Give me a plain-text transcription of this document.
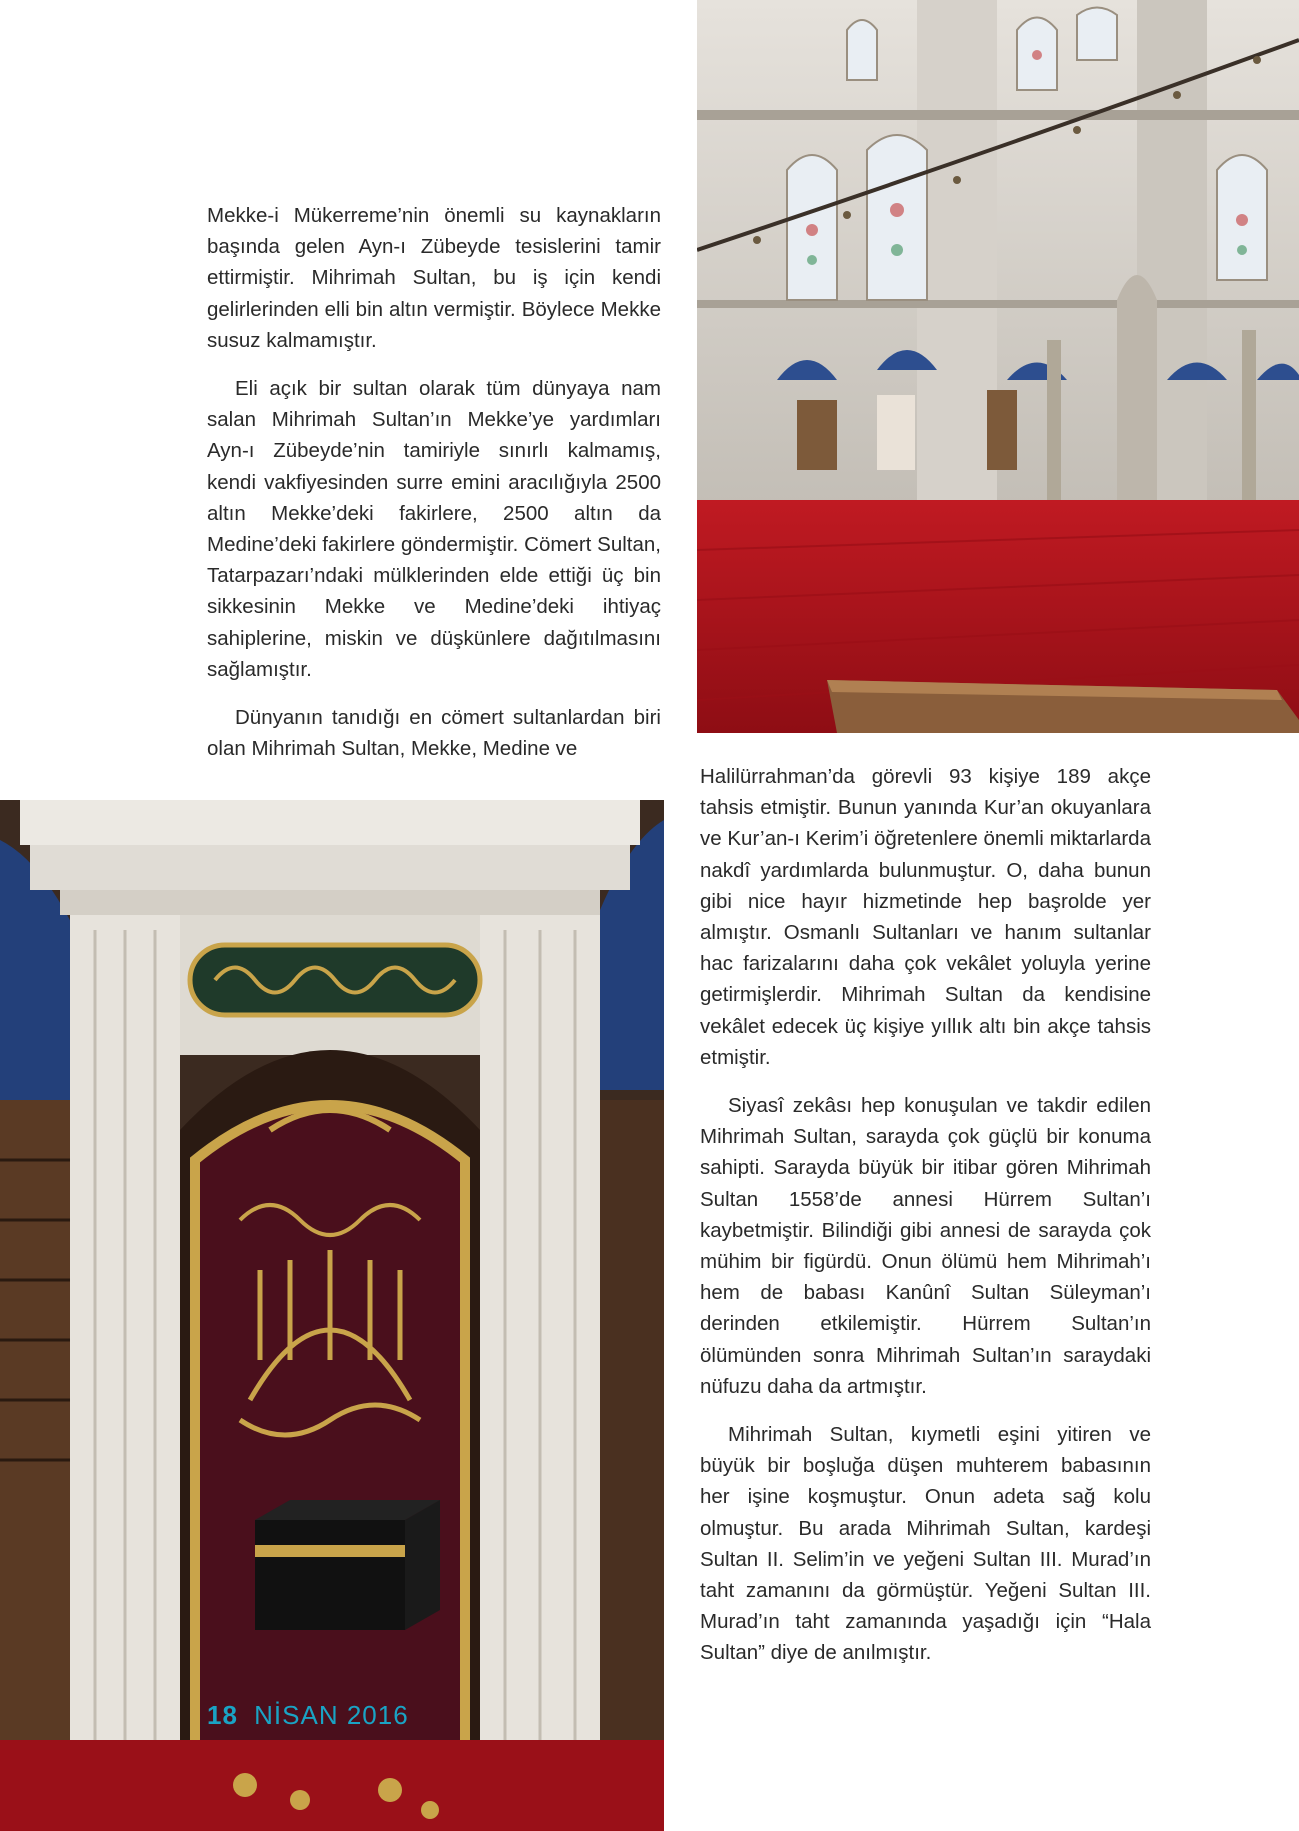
Mekke-i Mükerreme’nin önemli su kaynakların başında gelen Ayn-ı Zübeyde tesislerini tamir ettirmiştir. Mihrimah Sultan, bu iş için kendi gelirlerinden elli bin altın vermiştir. Böylece Mekke susuz kalmamıştır.

Eli açık bir sultan olarak tüm dünyaya nam salan Mihrimah Sultan’ın Mekke’ye yardımları Ayn-ı Zübeyde’nin tamiriyle sınırlı kalmamış, kendi vakfiyesinden surre emini aracılığıyla 2500 altın Mekke’deki fakirlere, 2500 altın da Medine’deki fakirlere göndermiştir. Cömert Sultan, Tatarpazarı’ndaki mülklerinden elde ettiği üç bin sikkesinin Mekke ve Medine’deki ihtiyaç sahiplerine, miskin ve düşkünlere dağıtılmasını sağlamıştır.

Dünyanın tanıdığı en cömert sultanlardan biri olan Mihrimah Sultan, Mekke, Medine ve

Halilürrahman’da görevli 93 kişiye 189 akçe tahsis etmiştir. Bunun yanında Kur’an okuyanlara ve Kur’an-ı Kerim’i öğretenlere önemli miktarlarda nakdî yardımlarda bulunmuştur. O, daha bunun gibi nice hayır hizmetinde hep başrolde yer almıştır. Osmanlı Sultanları ve hanım sultanlar hac farizalarını daha çok vekâlet yoluyla yerine getirmişlerdir. Mihrimah Sultan da kendisine vekâlet edecek üç kişiye yıllık altı bin akçe tahsis etmiştir.

Siyasî zekâsı hep konuşulan ve takdir edilen Mihrimah Sultan, sarayda çok güçlü bir konuma sahipti. Sarayda büyük bir itibar gören Mihrimah Sultan 1558’de annesi Hürrem Sultan’ı kaybetmiştir. Bilindiği gibi annesi de sarayda çok mühim bir figürdü. Onun ölümü hem Mihrimah’ı hem de babası Kanûnî Sultan Süleyman’ı derinden etkilemiştir. Hürrem Sultan’ın ölümünden sonra Mihrimah Sultan’ın saraydaki nüfuzu daha da artmıştır.

Mihrimah Sultan, kıymetli eşini yitiren ve büyük bir boşluğa düşen muhterem babasının her işine koşmuştur. Onun adeta sağ kolu olmuştur. Bu arada Mihrimah Sultan, kardeşi Sultan II. Selim’in ve yeğeni Sultan III. Murad’ın taht zamanını da görmüştür. Yeğeni Sultan III. Murad’ın taht zamanında yaşadığı için “Hala Sultan” diye de anılmıştır.

18 NİSAN 2016
